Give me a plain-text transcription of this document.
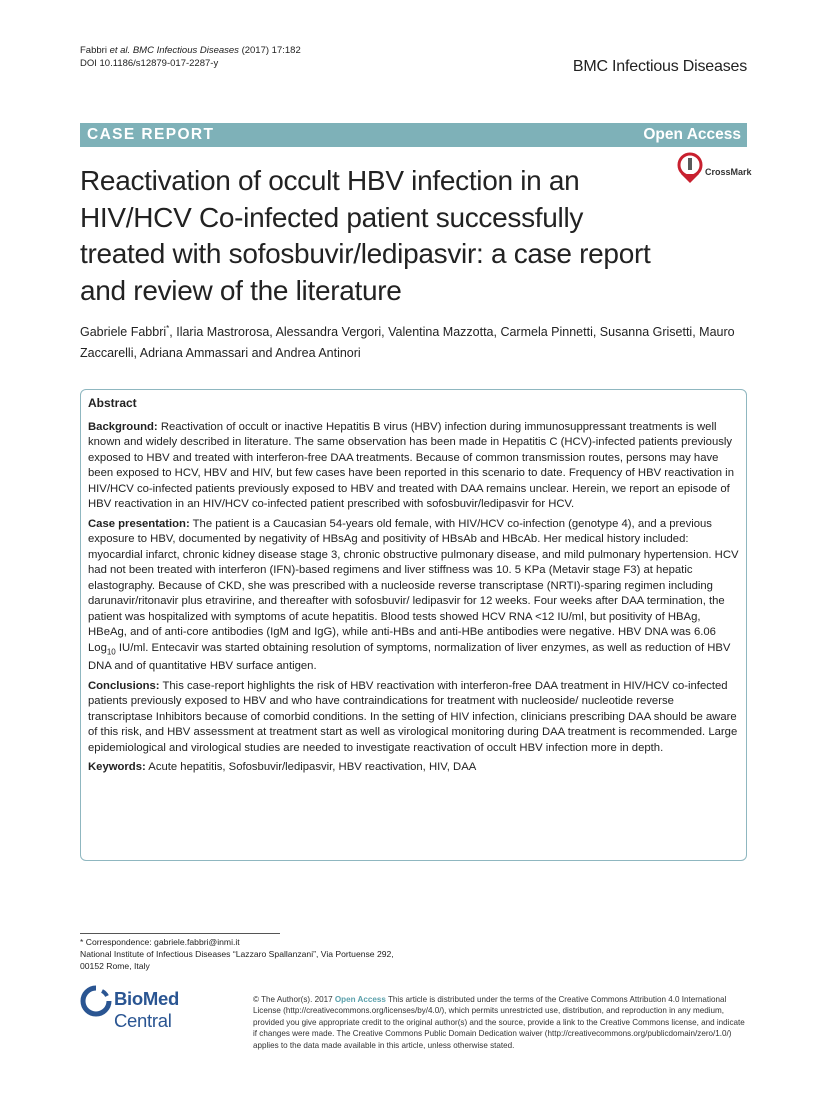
Fabbri et al. BMC Infectious Diseases (2017) 17:182
DOI 10.1186/s12879-017-2287-y	BMC Infectious Diseases
CASE REPORT	Open Access
CrossMark
Reactivation of occult HBV infection in an HIV/HCV Co-infected patient successfully treated with sofosbuvir/ledipasvir: a case report and review of the literature
Gabriele Fabbri*, Ilaria Mastrorosa, Alessandra Vergori, Valentina Mazzotta, Carmela Pinnetti, Susanna Grisetti, Mauro Zaccarelli, Adriana Ammassari and Andrea Antinori
Abstract

Background: Reactivation of occult or inactive Hepatitis B virus (HBV) infection during immunosuppressant treatments is well known and widely described in literature. The same observation has been made in Hepatitis C (HCV)-infected patients previously exposed to HBV and treated with interferon-free DAA treatments. Because of common transmission routes, persons may have been exposed to HCV, HBV and HIV, but few cases have been reported in this scenario to date. Frequency of HBV reactivation in HIV/HCV co-infected patients previously exposed to HBV and treated with DAA remains unclear. Herein, we report an episode of HBV reactivation in an HIV/HCV co-infected patient prescribed with sofosbuvir/ledipasvir for HCV.

Case presentation: The patient is a Caucasian 54-years old female, with HIV/HCV co-infection (genotype 4), and a previous exposure to HBV, documented by negativity of HBsAg and positivity of HBsAb and HBcAb. Her medical history included: myocardial infarct, chronic kidney disease stage 3, chronic obstructive pulmonary disease, and mild pulmonary hypertension. HCV had not been treated with interferon (IFN)-based regimens and liver stiffness was 10. 5 KPa (Metavir stage F3) at hepatic elastography. Because of CKD, she was prescribed with a nucleoside reverse transcriptase (NRTI)-sparing regimen including darunavir/ritonavir plus etravirine, and thereafter with sofosbuvir/ ledipasvir for 12 weeks. Four weeks after DAA termination, the patient was hospitalized with symptoms of acute hepatitis. Blood tests showed HCV RNA <12 IU/ml, but positivity of HBAg, HBeAg, and of anti-core antibodies (IgM and IgG), while anti-HBs and anti-HBe antibodies were negative. HBV DNA was 6.06 Log$_{10}$ IU/ml. Entecavir was started obtaining resolution of symptoms, normalization of liver enzymes, as well as reduction of HBV DNA and of quantitative HBV surface antigen.

Conclusions: This case-report highlights the risk of HBV reactivation with interferon-free DAA treatment in HIV/HCV co-infected patients previously exposed to HBV and who have contraindications for treatment with nucleoside/ nucleotide reverse transcriptase Inhibitors because of comorbid conditions. In the setting of HIV infection, clinicians prescribing DAA should be aware of this risk, and HBV assessment at treatment start as well as virological monitoring during DAA treatment is recommended. Large epidemiological and virological studies are needed to investigate reactivation of occult HBV infection more in depth.

Keywords: Acute hepatitis, Sofosbuvir/ledipasvir, HBV reactivation, HIV, DAA

* Correspondence: gabriele.fabbri@inmi.it
National Institute of Infectious Diseases “Lazzaro Spallanzani”, Via Portuense 292, 00152 Rome, Italy
BioMed Central
© The Author(s). 2017 Open Access This article is distributed under the terms of the Creative Commons Attribution 4.0 International License (http://creativecommons.org/licenses/by/4.0/), which permits unrestricted use, distribution, and reproduction in any medium, provided you give appropriate credit to the original author(s) and the source, provide a link to the Creative Commons license, and indicate if changes were made. The Creative Commons Public Domain Dedication waiver (http://creativecommons.org/publicdomain/zero/1.0/) applies to the data made available in this article, unless otherwise stated.
